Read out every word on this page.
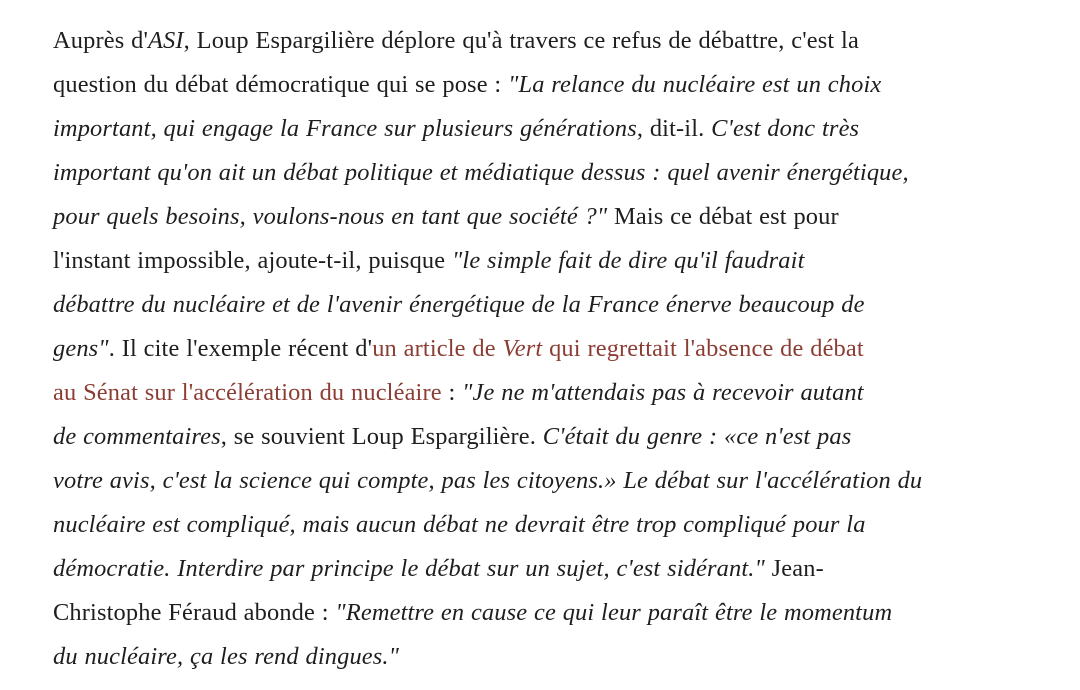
Auprès d'ASI, Loup Espargilière déplore qu'à travers ce refus de débattre, c'est la
question du débat démocratique qui se pose : "La relance du nucléaire est un choix
important, qui engage la France sur plusieurs générations, dit-il. C'est donc très
important qu'on ait un débat politique et médiatique dessus : quel avenir énergétique,
pour quels besoins, voulons-nous en tant que société ?" Mais ce débat est pour
l'instant impossible, ajoute-t-il, puisque "le simple fait de dire qu'il faudrait
débattre du nucléaire et de l'avenir énergétique de la France énerve beaucoup de
gens". Il cite l'exemple récent d'un article de Vert qui regrettait l'absence de débat
au Sénat sur l'accélération du nucléaire : "Je ne m'attendais pas à recevoir autant
de commentaires, se souvient Loup Espargilière. C'était du genre : «ce n'est pas
votre avis, c'est la science qui compte, pas les citoyens.» Le débat sur l'accélération du
nucléaire est compliqué, mais aucun débat ne devrait être trop compliqué pour la
démocratie. Interdire par principe le débat sur un sujet, c'est sidérant." Jean-
Christophe Féraud abonde : "Remettre en cause ce qui leur paraît être le momentum
du nucléaire, ça les rend dingues."
